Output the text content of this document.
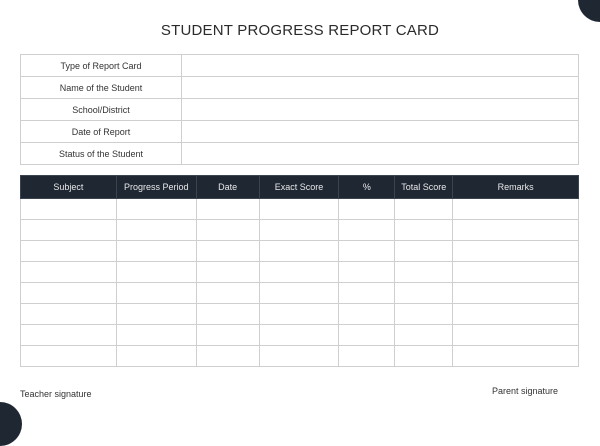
STUDENT PROGRESS REPORT CARD
Type of Report Card	
Name of the Student	
School/District	
Date of Report	
Status of the Student	
Subject	Progress Period	Date	Exact Score	%	Total Score	Remarks

Teacher signature	Parent signature
